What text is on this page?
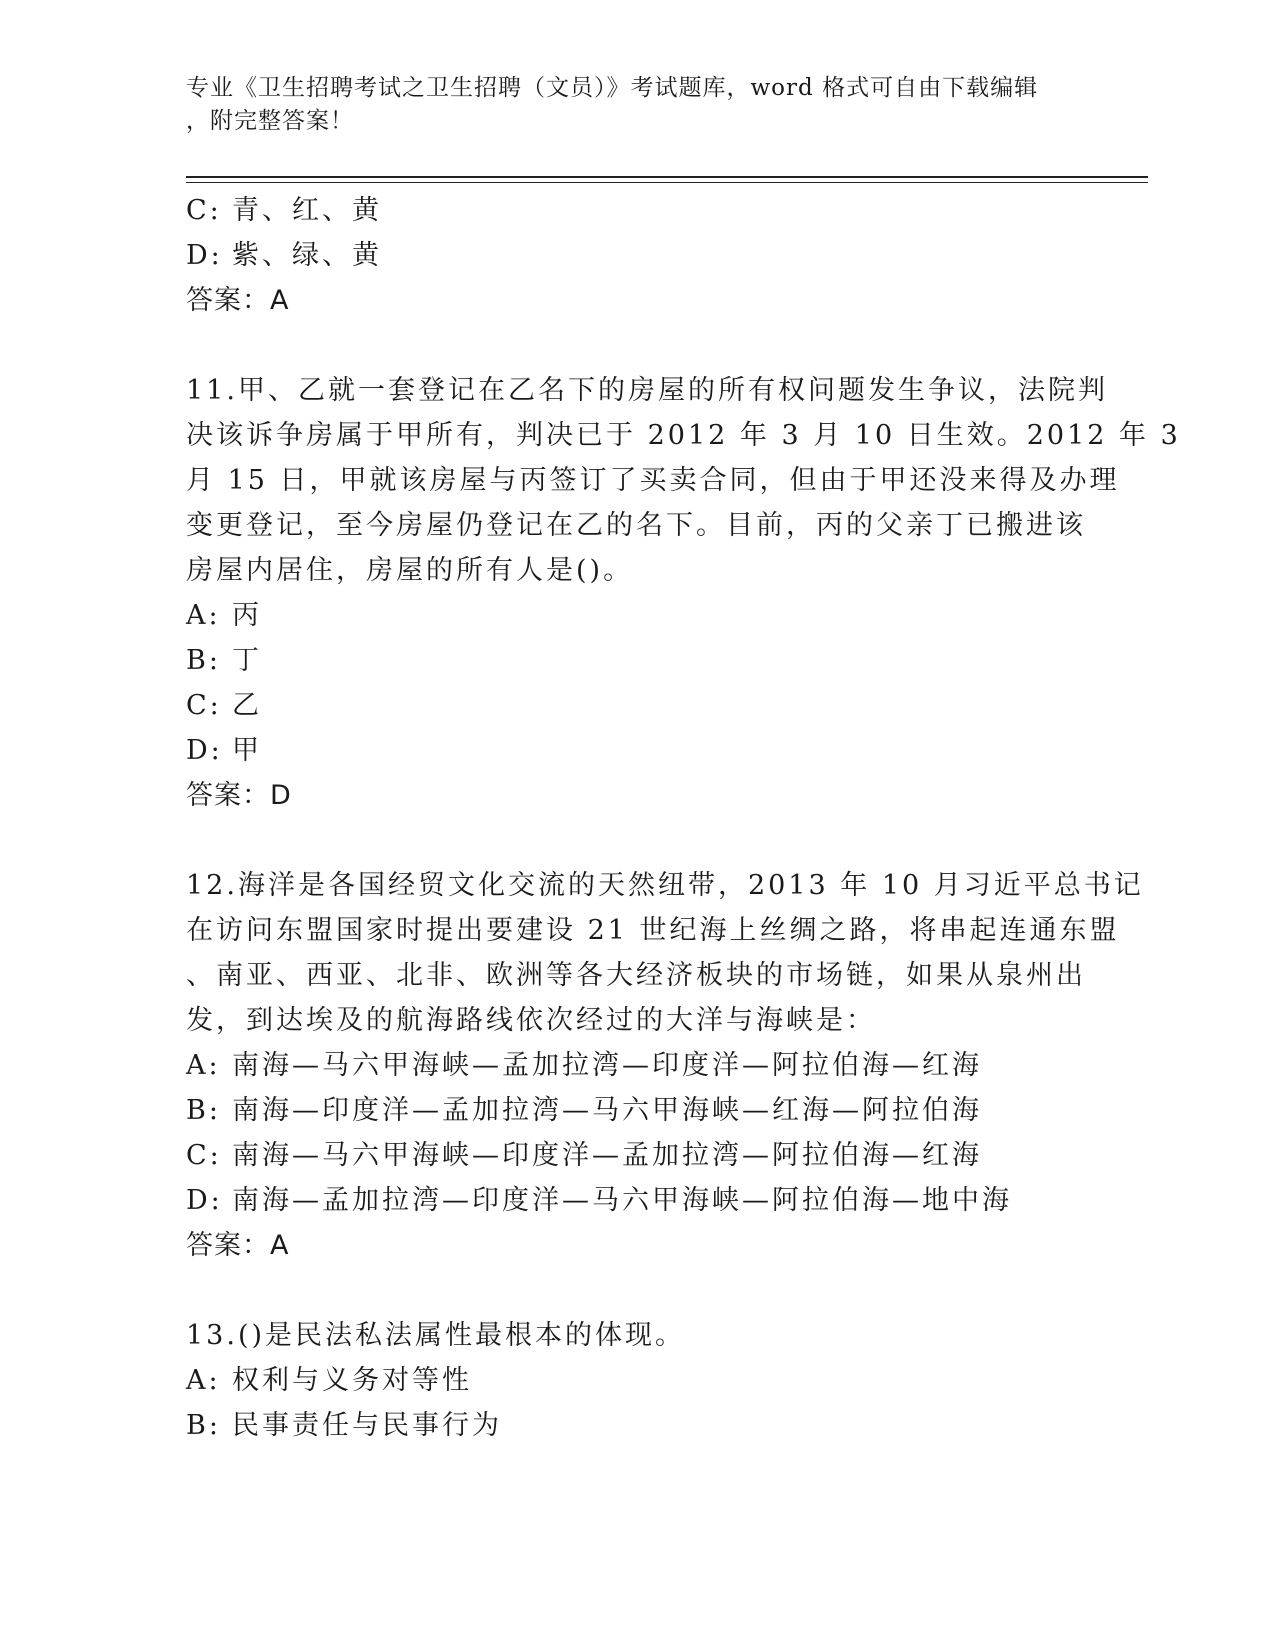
专业《卫生招聘考试之卫生招聘（文员）》考试题库，word 格式可自由下载编辑
，附完整答案！
C: 青、红、黄
D: 紫、绿、黄
答案：A
11.甲、乙就一套登记在乙名下的房屋的所有权问题发生争议，法院判
决该诉争房属于甲所有，判决已于 2012 年 3 月 10 日生效。2012 年 3
月 15 日，甲就该房屋与丙签订了买卖合同，但由于甲还没来得及办理
变更登记，至今房屋仍登记在乙的名下。目前，丙的父亲丁已搬进该
房屋内居住，房屋的所有人是()。
A: 丙
B: 丁
C: 乙
D: 甲
答案：D
12.海洋是各国经贸文化交流的天然纽带，2013 年 10 月习近平总书记
在访问东盟国家时提出要建设 21 世纪海上丝绸之路，将串起连通东盟
、南亚、西亚、北非、欧洲等各大经济板块的市场链，如果从泉州出
发，到达埃及的航海路线依次经过的大洋与海峡是：
A: 南海—马六甲海峡—孟加拉湾—印度洋—阿拉伯海—红海
B: 南海—印度洋—孟加拉湾—马六甲海峡—红海—阿拉伯海
C: 南海—马六甲海峡—印度洋—孟加拉湾—阿拉伯海—红海
D: 南海—孟加拉湾—印度洋—马六甲海峡—阿拉伯海—地中海
答案：A
13.()是民法私法属性最根本的体现。
A: 权利与义务对等性
B: 民事责任与民事行为
